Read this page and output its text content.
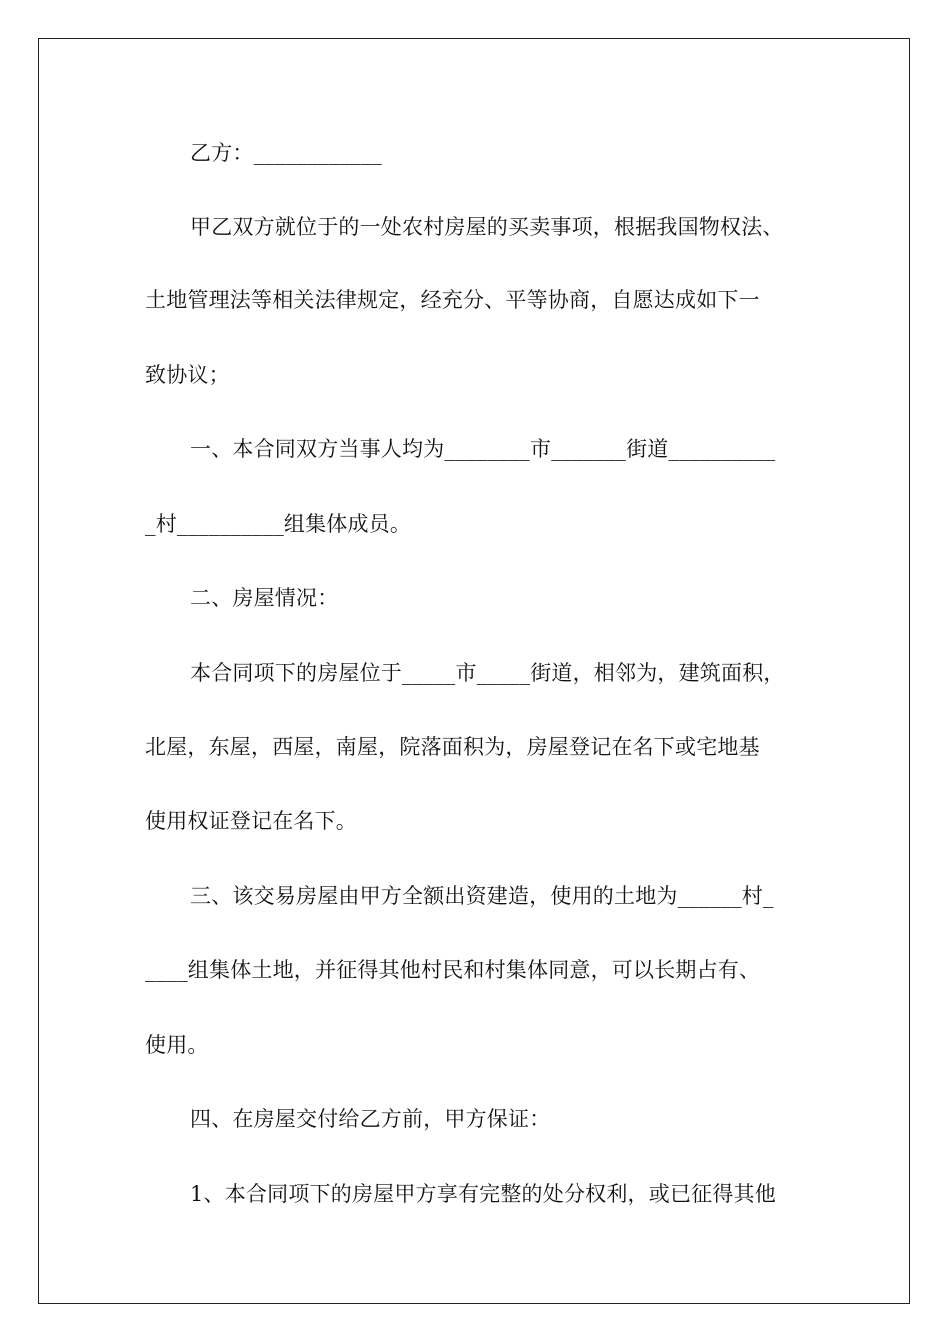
乙方：____________
甲乙双方就位于的一处农村房屋的买卖事项，根据我国物权法、
土地管理法等相关法律规定，经充分、平等协商，自愿达成如下一
致协议；
一、本合同双方当事人均为________市_______街道__________
_村__________组集体成员。
二、房屋情况：
本合同项下的房屋位于_____市_____街道，相邻为，建筑面积，
北屋，东屋，西屋，南屋，院落面积为，房屋登记在名下或宅地基
使用权证登记在名下。
三、该交易房屋由甲方全额出资建造，使用的土地为______村_
____组集体土地，并征得其他村民和村集体同意，可以长期占有、
使用。
四、在房屋交付给乙方前，甲方保证：
1、本合同项下的房屋甲方享有完整的处分权利，或已征得其他
